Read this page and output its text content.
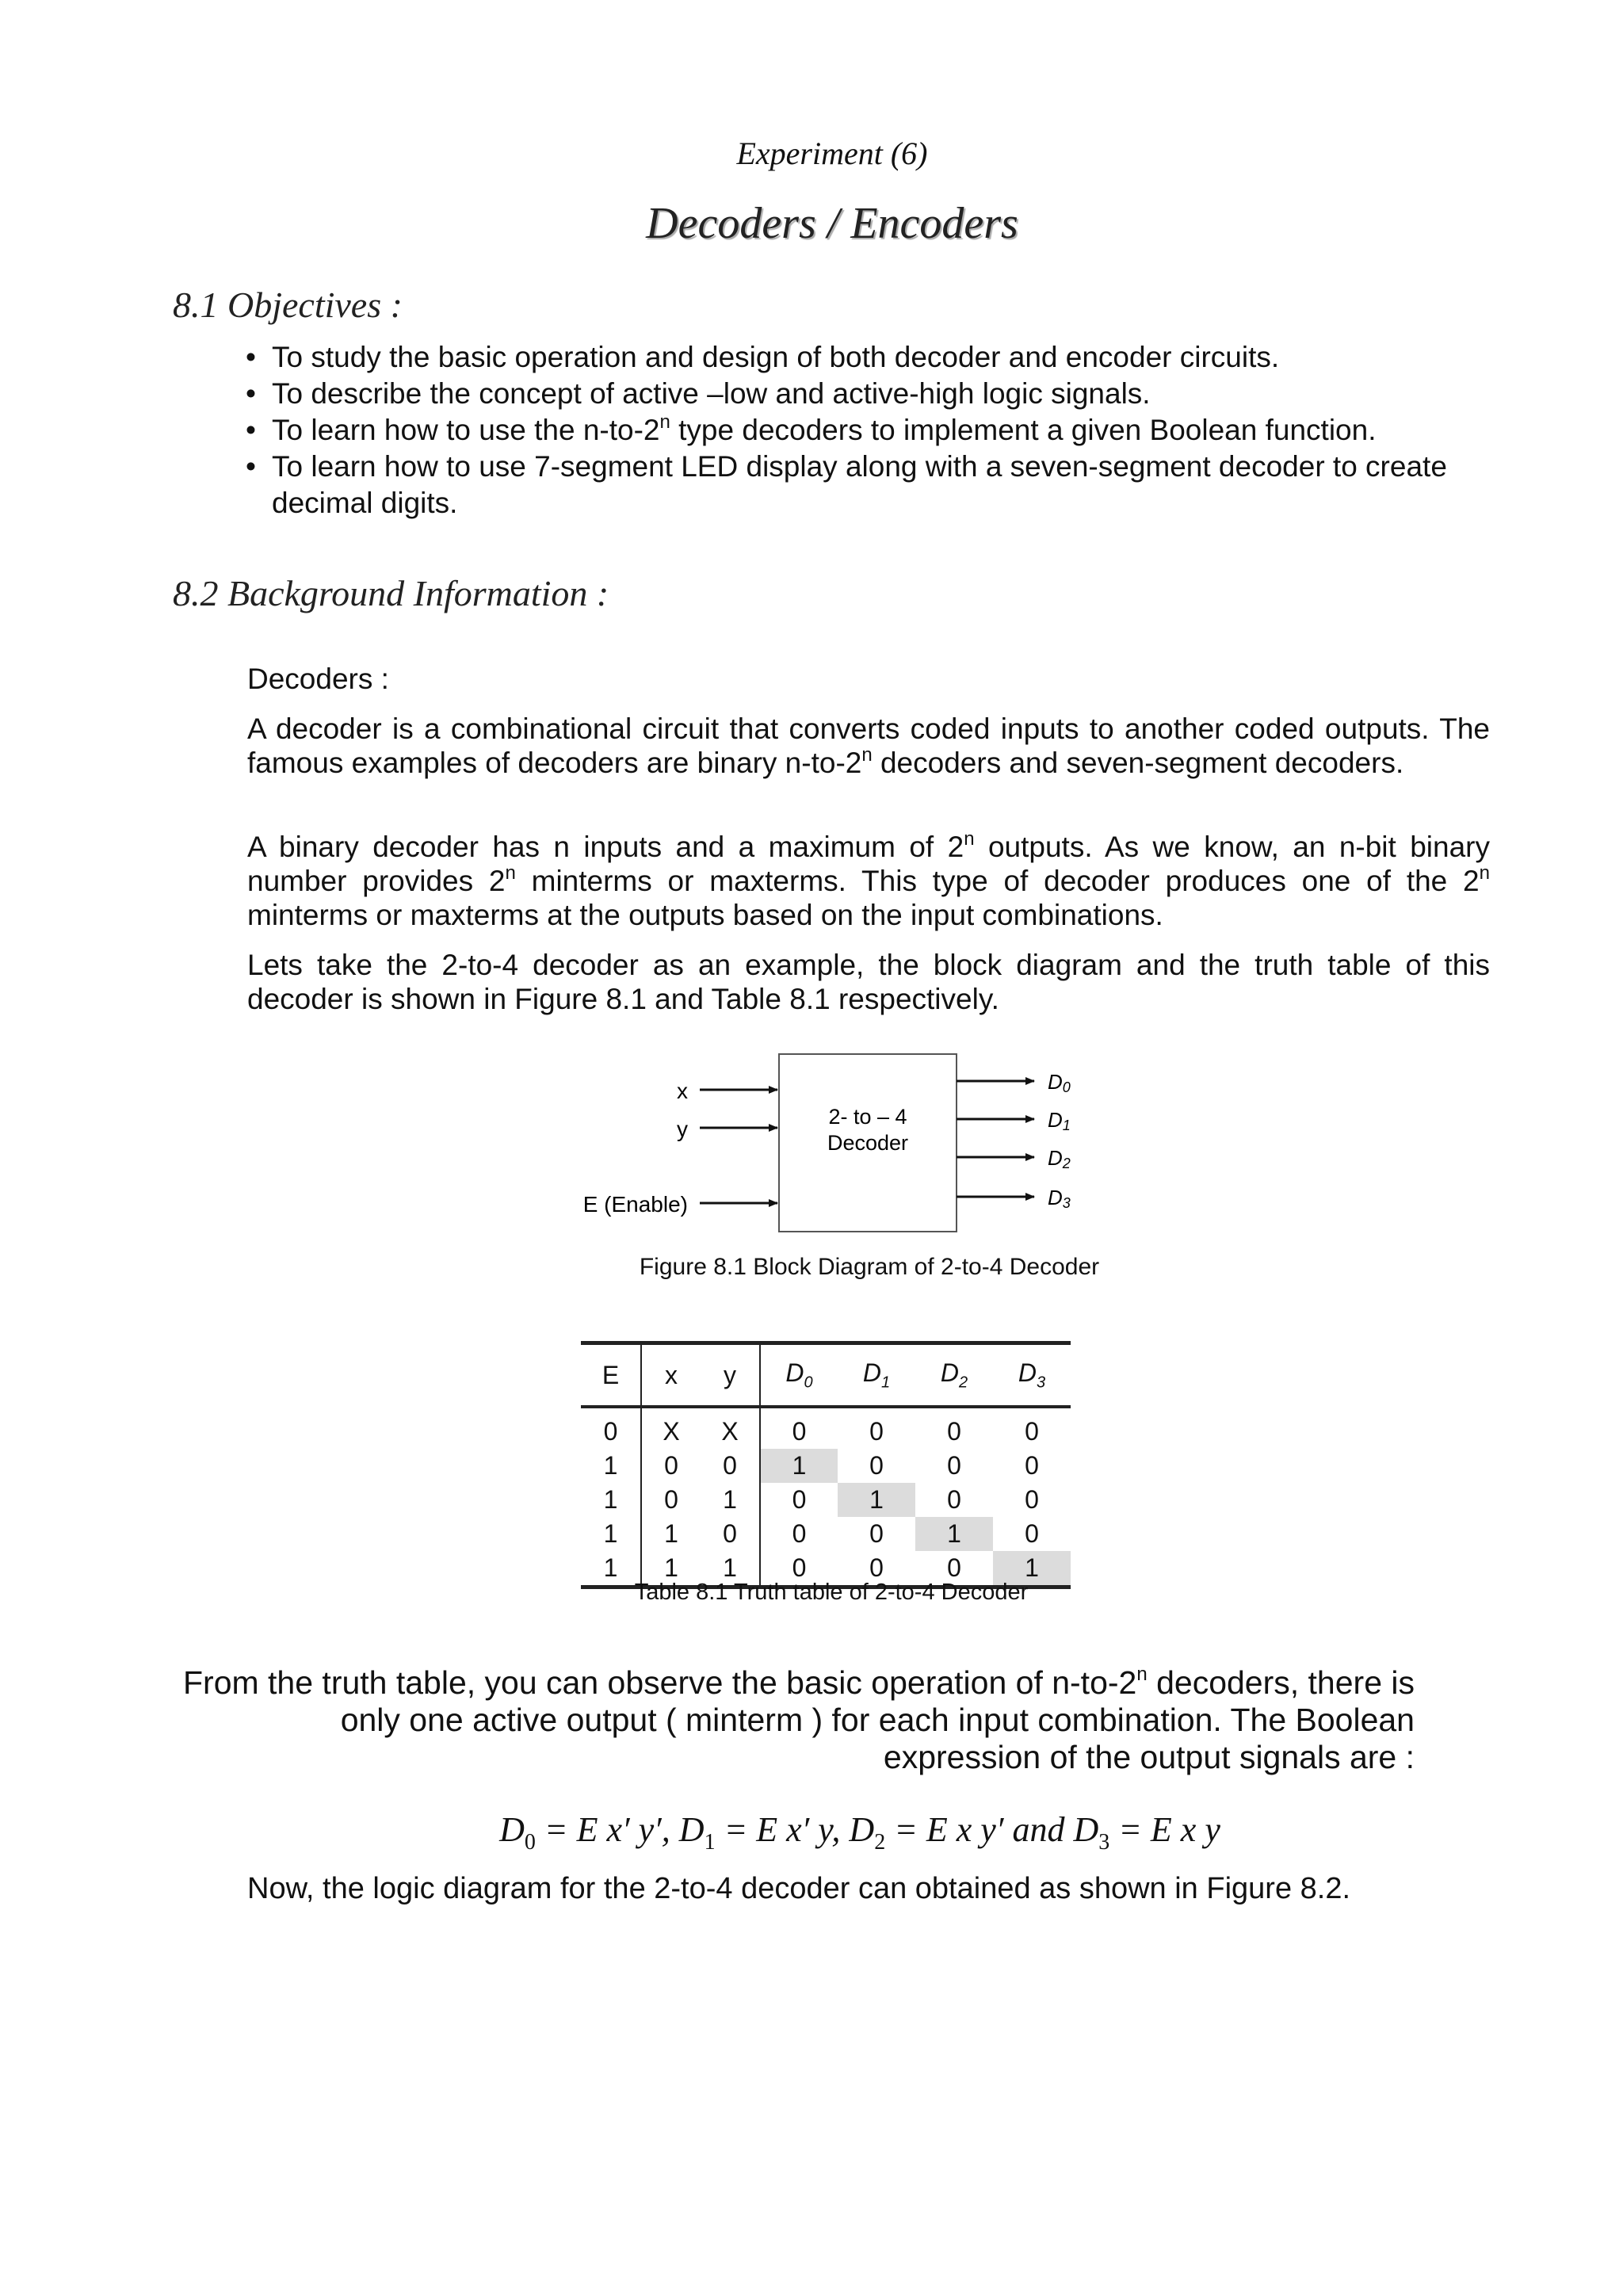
Experiment (6)
Decoders / Encoders
8.1 Objectives :
• To study the basic operation and design of both decoder and encoder circuits.
• To describe the concept of active –low and active-high logic signals.
• To learn how to use the n-to-2$^n$ type decoders to implement a given Boolean function.
• To learn how to use 7-segment LED display along with a seven-segment decoder to create decimal digits.
8.2 Background Information :
Decoders :
A decoder is a combinational circuit that converts coded inputs to another coded outputs. The famous examples of decoders are binary n-to-2$^n$ decoders and seven-segment decoders.
A binary decoder has n inputs and a maximum of 2$^n$ outputs. As we know, an n-bit binary number provides 2$^n$ minterms or maxterms. This type of decoder produces one of the 2$^n$ minterms or maxterms at the outputs based on the input combinations.
Lets take the 2-to-4 decoder as an example, the block diagram and the truth table of this decoder is shown in Figure 8.1 and Table 8.1 respectively.
x
y
E (Enable)
2- to – 4
Decoder
D0
D1
D2
D3
Figure 8.1 Block Diagram of 2-to-4 Decoder
E	x	y	$D_0$	$D_1$	$D_2$	$D_3$
0	X	X	0	0	0	0
1	0	0	1	0	0	0
1	0	1	0	1	0	0
1	1	0	0	0	1	0
1	1	1	0	0	0	1
Table 8.1 Truth table of 2-to-4 Decoder
From the truth table, you can observe the basic operation of n-to-2$^n$ decoders, there is only one active output ( minterm ) for each input combination. The Boolean expression of the output signals are :
$D_0 = E$ x′ y′, $D_1 = E$ x′ y, $D_2 = E$ x y′ and $D_3 = E$ x y
Now, the logic diagram for the 2-to-4 decoder can obtained as shown in Figure 8.2.
